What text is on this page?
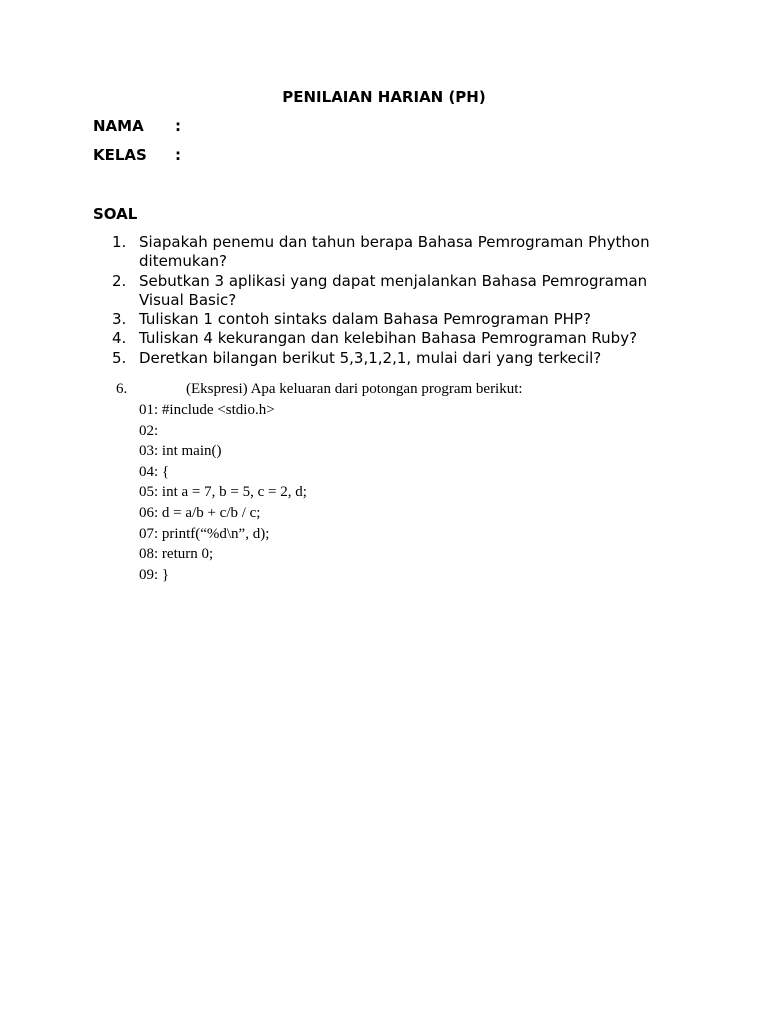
PENILAIAN HARIAN (PH)
NAMA :
KELAS :
SOAL
1. Siapakah penemu dan tahun berapa Bahasa Pemrograman Phython ditemukan?
2. Sebutkan 3 aplikasi yang dapat menjalankan Bahasa Pemrograman Visual Basic?
3. Tuliskan 1 contoh sintaks dalam Bahasa Pemrograman PHP?
4. Tuliskan 4 kekurangan dan kelebihan Bahasa Pemrograman Ruby?
5. Deretkan bilangan berikut 5,3,1,2,1, mulai dari yang terkecil?
6.	(Ekspresi) Apa keluaran dari potongan program berikut:
01: #include <stdio.h>
02:
03: int main()
04: {
05: int a = 7, b = 5, c = 2, d;
06: d = a/b + c/b / c;
07: printf(“%d\n”, d);
08: return 0;
09: }
